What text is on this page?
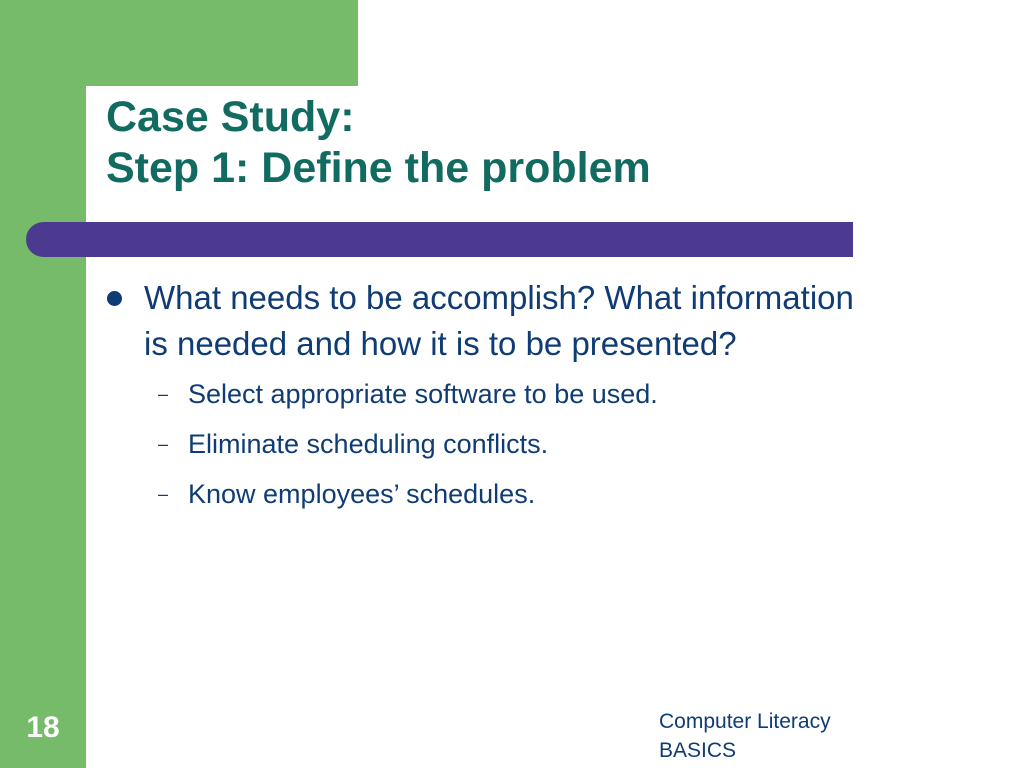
Case Study:
Step 1: Define the problem
What needs to be accomplish? What information is needed and how it is to be presented?
– Select appropriate software to be used.
– Eliminate scheduling conflicts.
– Know employees’ schedules.
18	Computer Literacy
BASICS
